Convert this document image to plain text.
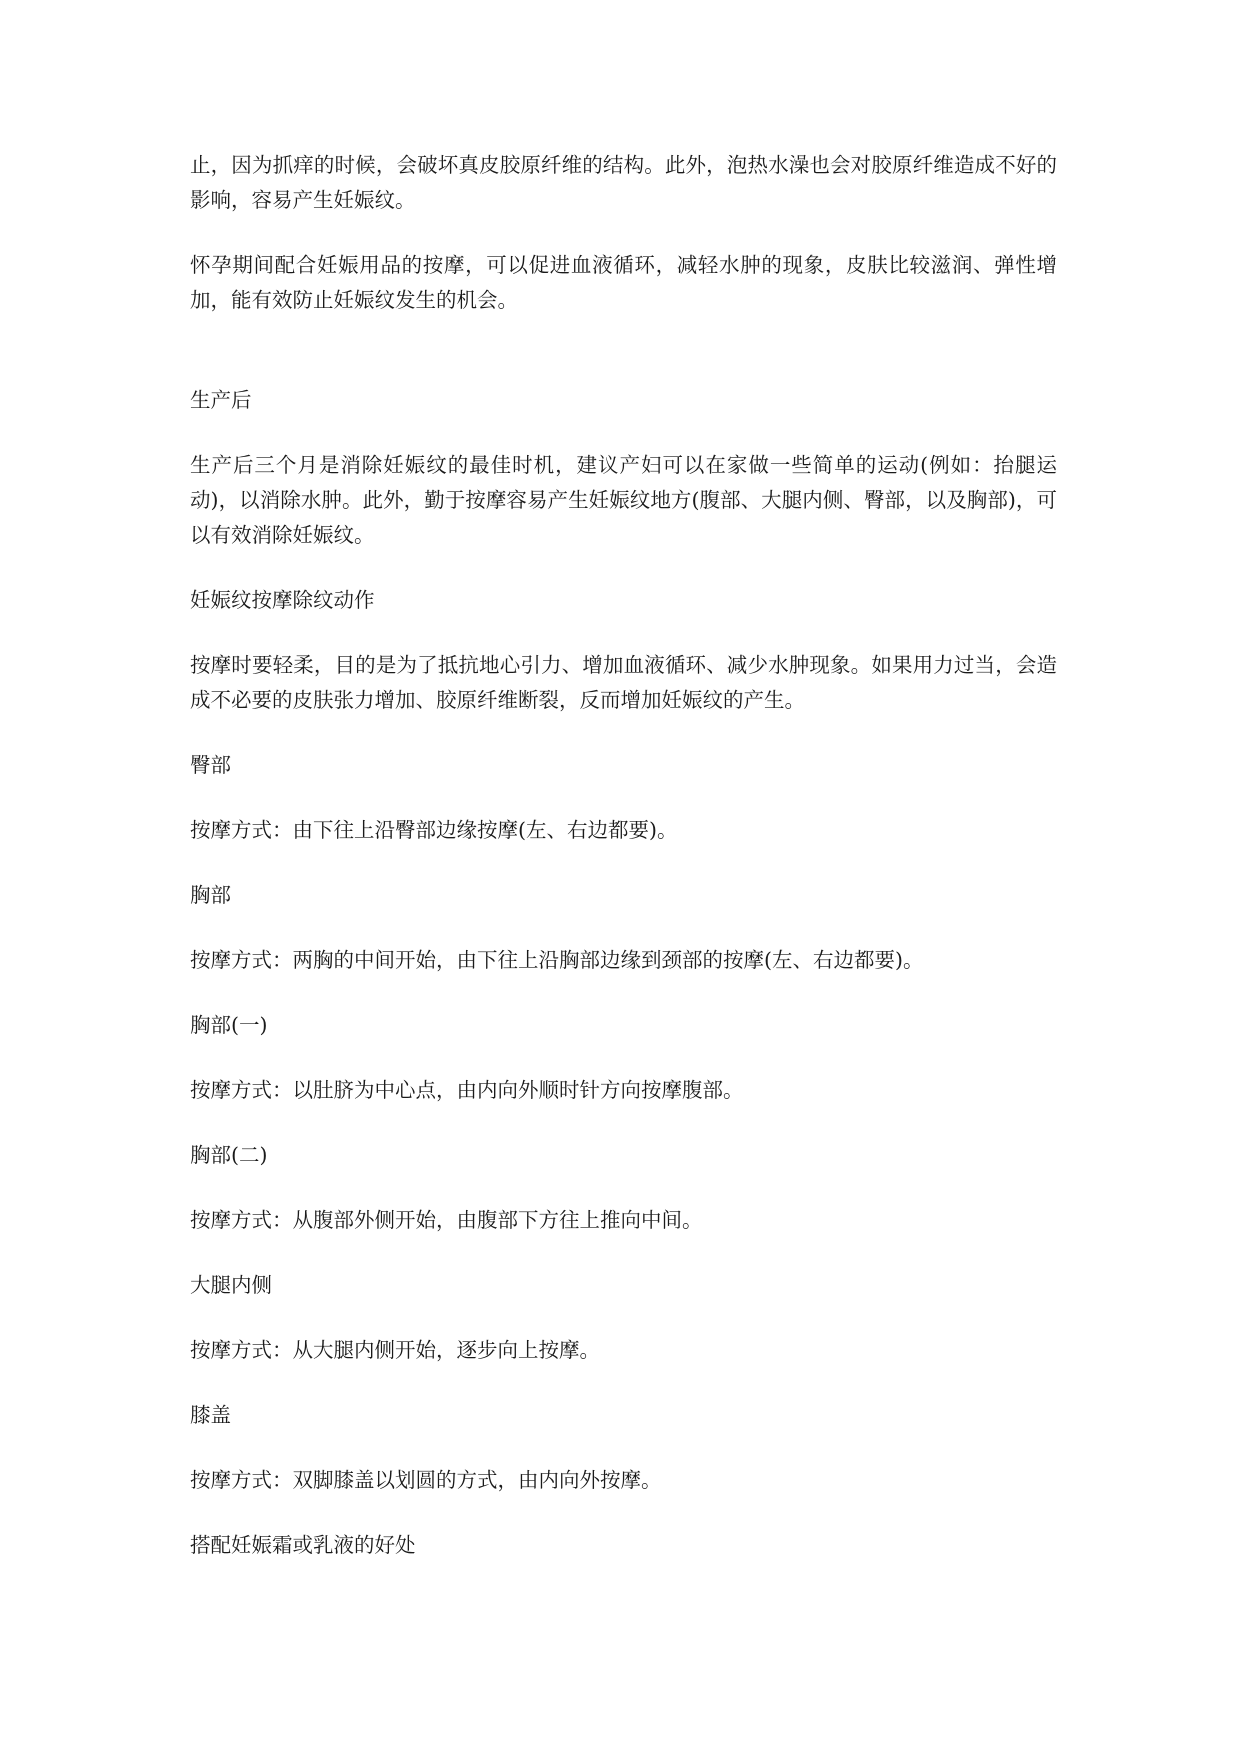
止，因为抓痒的时候，会破坏真皮胶原纤维的结构。此外，泡热水澡也会对胶原纤维造成不好的影响，容易产生妊娠纹。

怀孕期间配合妊娠用品的按摩，可以促进血液循环，减轻水肿的现象，皮肤比较滋润、弹性增加，能有效防止妊娠纹发生的机会。

生产后

生产后三个月是消除妊娠纹的最佳时机，建议产妇可以在家做一些简单的运动(例如：抬腿运动)，以消除水肿。此外，勤于按摩容易产生妊娠纹地方(腹部、大腿内侧、臀部，以及胸部)，可以有效消除妊娠纹。

妊娠纹按摩除纹动作

按摩时要轻柔，目的是为了抵抗地心引力、增加血液循环、减少水肿现象。如果用力过当，会造成不必要的皮肤张力增加、胶原纤维断裂，反而增加妊娠纹的产生。

臀部

按摩方式：由下往上沿臀部边缘按摩(左、右边都要)。

胸部

按摩方式：两胸的中间开始，由下往上沿胸部边缘到颈部的按摩(左、右边都要)。

胸部(一)

按摩方式：以肚脐为中心点，由内向外顺时针方向按摩腹部。

胸部(二)

按摩方式：从腹部外侧开始，由腹部下方往上推向中间。

大腿内侧

按摩方式：从大腿内侧开始，逐步向上按摩。

膝盖

按摩方式：双脚膝盖以划圆的方式，由内向外按摩。

搭配妊娠霜或乳液的好处
